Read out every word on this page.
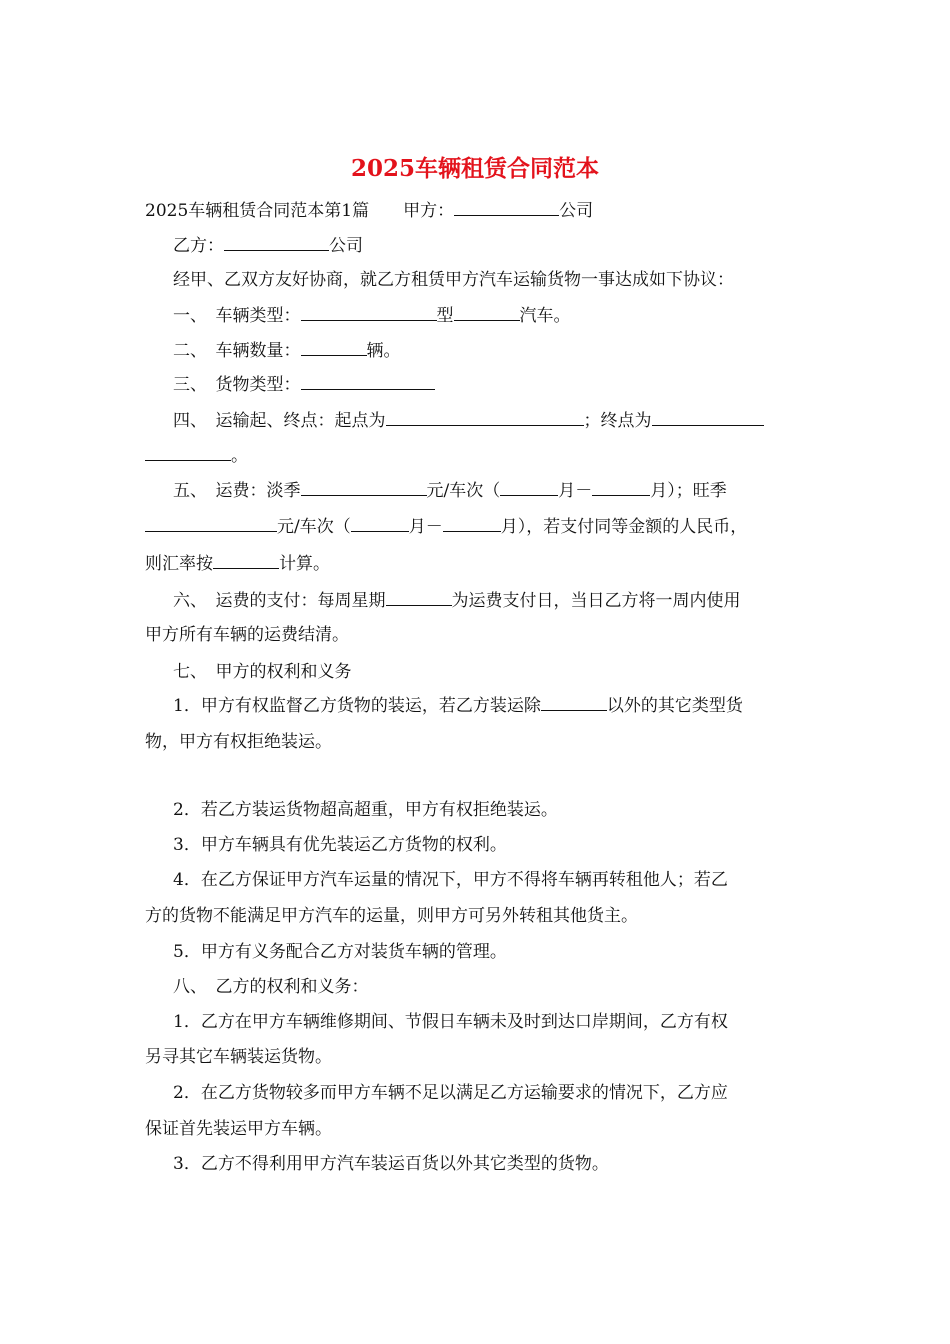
2025车辆租赁合同范本
2025车辆租赁合同范本第1篇　　甲方：	公司
乙方：	公司
经甲、乙双方友好协商，就乙方租赁甲方汽车运输货物一事达成如下协议：
一、　车辆类型：	型	汽车。
二、　车辆数量：	辆。
三、　货物类型：
四、　运输起、终点：起点为	；终点为
。
五、　运费：淡季	元/车次（	月－	月）；旺季
元/车次（	月－	月），若支付同等金额的人民币，
则汇率按	计算。
六、　运费的支付：每周星期	为运费支付日，当日乙方将一周内使用
甲方所有车辆的运费结清。
七、　甲方的权利和义务
1．甲方有权监督乙方货物的装运，若乙方装运除	以外的其它类型货
物，甲方有权拒绝装运。
2．若乙方装运货物超高超重，甲方有权拒绝装运。
3．甲方车辆具有优先装运乙方货物的权利。
4．在乙方保证甲方汽车运量的情况下，甲方不得将车辆再转租他人；若乙
方的货物不能满足甲方汽车的运量，则甲方可另外转租其他货主。
5．甲方有义务配合乙方对装货车辆的管理。
八、　乙方的权利和义务：
1．乙方在甲方车辆维修期间、节假日车辆未及时到达口岸期间，乙方有权
另寻其它车辆装运货物。
2．在乙方货物较多而甲方车辆不足以满足乙方运输要求的情况下，乙方应
保证首先装运甲方车辆。
3．乙方不得利用甲方汽车装运百货以外其它类型的货物。
